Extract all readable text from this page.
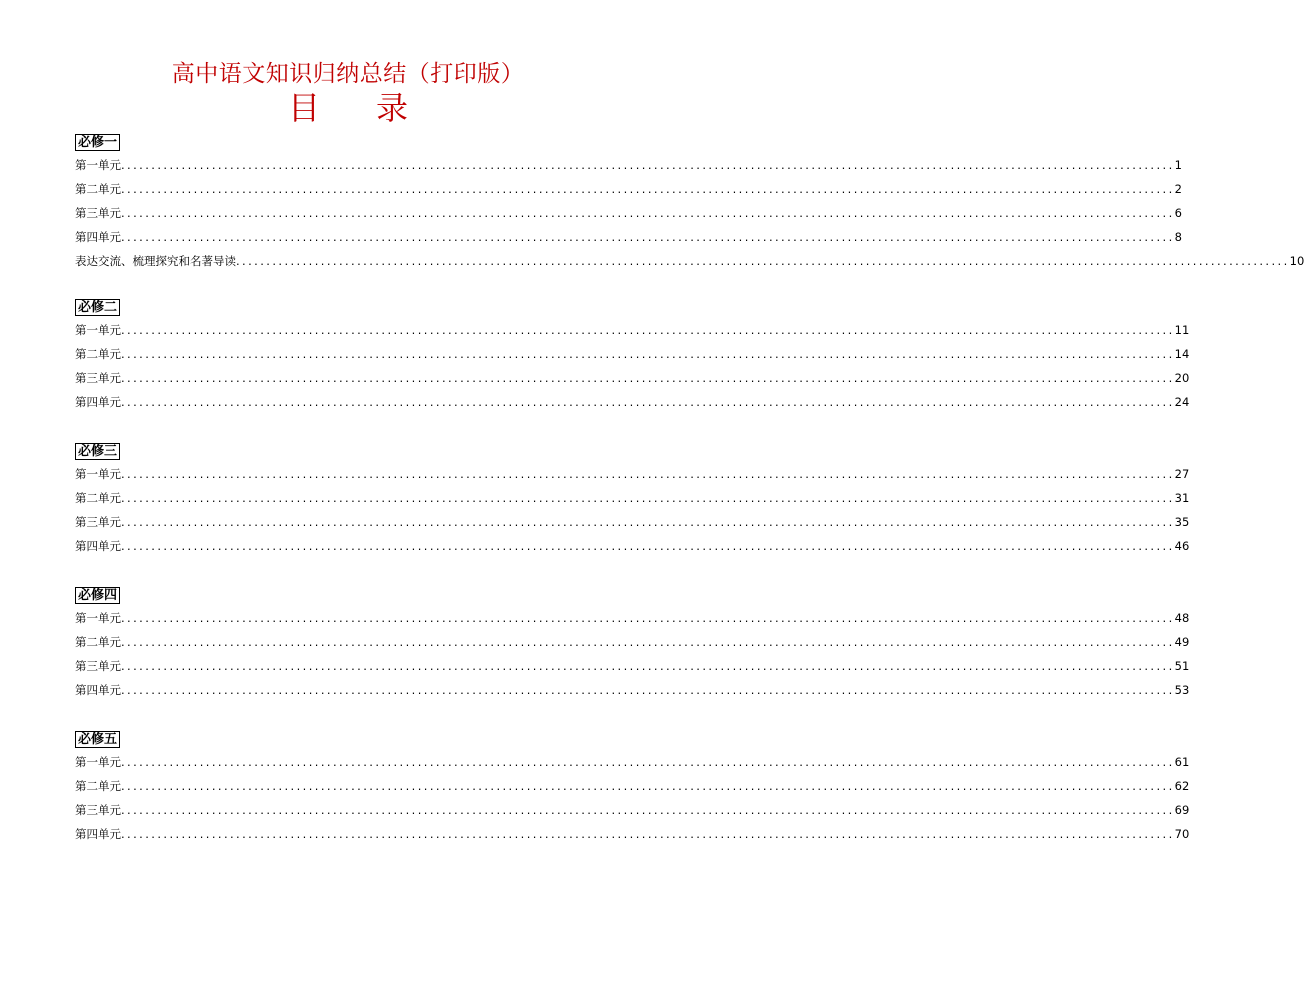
高中语文知识归纳总结（打印版）
目 录
必修一
第一单元 .............................................................................................................................................................................. 1
第二单元 .............................................................................................................................................................................. 2
第三单元 .............................................................................................................................................................................. 6
第四单元 .............................................................................................................................................................................. 8
表达交流、梳理探究和名著导读 .............................................................................................................................................................................. 10
必修二
第一单元 .............................................................................................................................................................................. 11
第二单元 .............................................................................................................................................................................. 14
第三单元 .............................................................................................................................................................................. 20
第四单元 .............................................................................................................................................................................. 24
必修三
第一单元 .............................................................................................................................................................................. 27
第二单元 .............................................................................................................................................................................. 31
第三单元 .............................................................................................................................................................................. 35
第四单元 .............................................................................................................................................................................. 46
必修四
第一单元 .............................................................................................................................................................................. 48
第二单元 .............................................................................................................................................................................. 49
第三单元 .............................................................................................................................................................................. 51
第四单元 .............................................................................................................................................................................. 53
必修五
第一单元 .............................................................................................................................................................................. 61
第二单元 .............................................................................................................................................................................. 62
第三单元 .............................................................................................................................................................................. 69
第四单元 .............................................................................................................................................................................. 70
